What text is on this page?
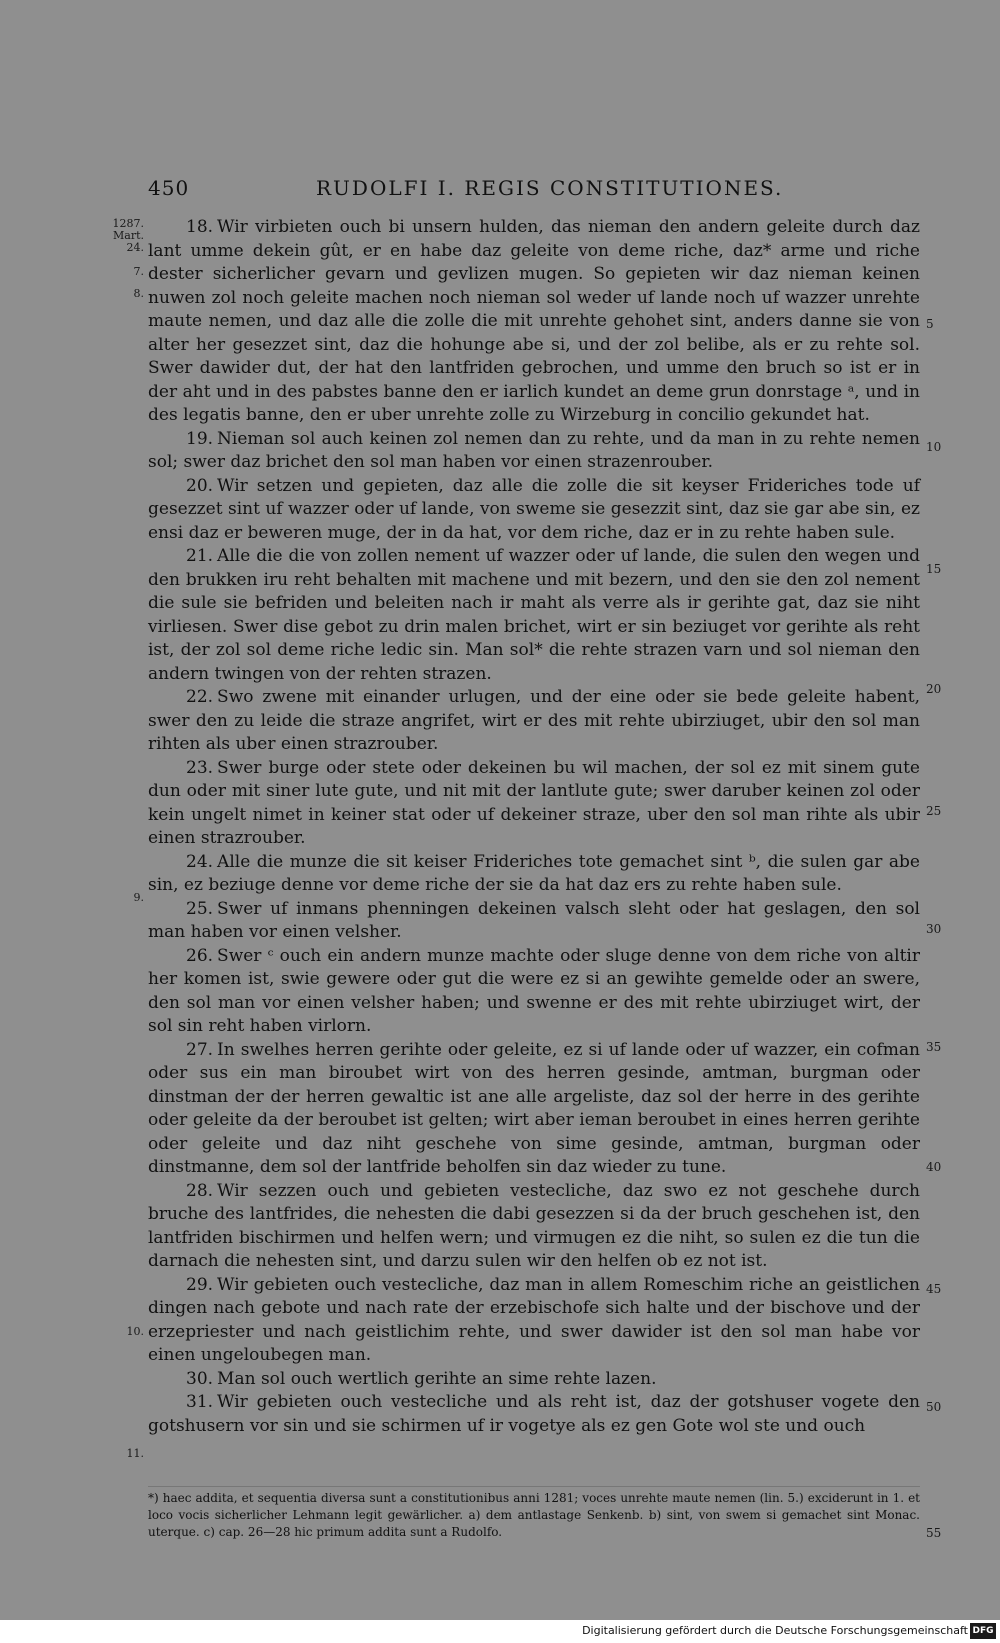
450	RUDOLFI I. REGIS CONSTITUTIONES.
1287. Mart. 24.
7.
8.
9.
10.
11.
5
10
15
20
25
30
35
40
45
50
55

18. Wir virbieten ouch bi unsern hulden, das nieman den andern geleite durch daz lant umme dekein gût, er en habe daz geleite von deme riche, daz* arme und riche dester sicherlicher gevarn und gevlizen mugen. So gepieten wir daz nieman keinen nuwen zol noch geleite machen noch nieman sol weder uf lande noch uf wazzer unrehte maute nemen, und daz alle die zolle die mit unrehte gehohet sint, anders danne sie von alter her gesezzet sint, daz die hohunge abe si, und der zol belibe, als er zu rehte sol. Swer dawider dut, der hat den lantfriden gebrochen, und umme den bruch so ist er in der aht und in des pabstes banne den er iarlich kundet an deme grun donrstage ᵃ, und in des legatis banne, den er uber unrehte zolle zu Wirzeburg in concilio gekundet hat.

19. Nieman sol auch keinen zol nemen dan zu rehte, und da man in zu rehte nemen sol; swer daz brichet den sol man haben vor einen strazenrouber.

20. Wir setzen und gepieten, daz alle die zolle die sit keyser Frideriches tode uf gesezzet sint uf wazzer oder uf lande, von sweme sie gesezzit sint, daz sie gar abe sin, ez ensi daz er beweren muge, der in da hat, vor dem riche, daz er in zu rehte haben sule.

21. Alle die die von zollen nement uf wazzer oder uf lande, die sulen den wegen und den brukken iru reht behalten mit machene und mit bezern, und den sie den zol nement die sule sie befriden und beleiten nach ir maht als verre als ir gerihte gat, daz sie niht virliesen. Swer dise gebot zu drin malen brichet, wirt er sin beziuget vor gerihte als reht ist, der zol sol deme riche ledic sin. Man sol* die rehte strazen varn und sol nieman den andern twingen von der rehten strazen.

22. Swo zwene mit einander urlugen, und der eine oder sie bede geleite habent, swer den zu leide die straze angrifet, wirt er des mit rehte ubirziuget, ubir den sol man rihten als uber einen strazrouber.

23. Swer burge oder stete oder dekeinen bu wil machen, der sol ez mit sinem gute dun oder mit siner lute gute, und nit mit der lantlute gute; swer daruber keinen zol oder kein ungelt nimet in keiner stat oder uf dekeiner straze, uber den sol man rihte als ubir einen strazrouber.

24. Alle die munze die sit keiser Frideriches tote gemachet sint ᵇ, die sulen gar abe sin, ez beziuge denne vor deme riche der sie da hat daz ers zu rehte haben sule.

25. Swer uf inmans phenningen dekeinen valsch sleht oder hat geslagen, den sol man haben vor einen velsher.

26. Swer ᶜ ouch ein andern munze machte oder sluge denne von dem riche von altir her komen ist, swie gewere oder gut die were ez si an gewihte gemelde oder an swere, den sol man vor einen velsher haben; und swenne er des mit rehte ubirziuget wirt, der sol sin reht haben virlorn.

27. In swelhes herren gerihte oder geleite, ez si uf lande oder uf wazzer, ein cofman oder sus ein man biroubet wirt von des herren gesinde, amtman, burgman oder dinstman der der herren gewaltic ist ane alle argeliste, daz sol der herre in des gerihte oder geleite da der beroubet ist gelten; wirt aber ieman beroubet in eines herren gerihte oder geleite und daz niht geschehe von sime gesinde, amtman, burgman oder dinstmanne, dem sol der lantfride beholfen sin daz wieder zu tune.

28. Wir sezzen ouch und gebieten vestecliche, daz swo ez not geschehe durch bruche des lantfrides, die nehesten die dabi gesezzen si da der bruch geschehen ist, den lantfriden bischirmen und helfen wern; und virmugen ez die niht, so sulen ez die tun die darnach die nehesten sint, und darzu sulen wir den helfen ob ez not ist.

29. Wir gebieten ouch vestecliche, daz man in allem Romeschim riche an geistlichen dingen nach gebote und nach rate der erzebischofe sich halte und der bischove und der erzepriester und nach geistlichim rehte, und swer dawider ist den sol man habe vor einen ungeloubegen man.

30. Man sol ouch wertlich gerihte an sime rehte lazen.

31. Wir gebieten ouch vestecliche und als reht ist, daz der gotshuser vogete den gotshusern vor sin und sie schirmen uf ir vogetye als ez gen Gote wol ste und ouch

*) haec addita, et sequentia diversa sunt a constitutionibus anni 1281; voces unrehte maute nemen (lin. 5.) exciderunt in 1. et loco vocis sicherlicher Lehmann legit gewärlicher. a) dem antlastage Senkenb. b) sint, von swem si gemachet sint Monac. uterque. c) cap. 26—28 hic primum addita sunt a Rudolfo.

Digitalisierung gefördert durch die Deutsche Forschungsgemeinschaft DFG
